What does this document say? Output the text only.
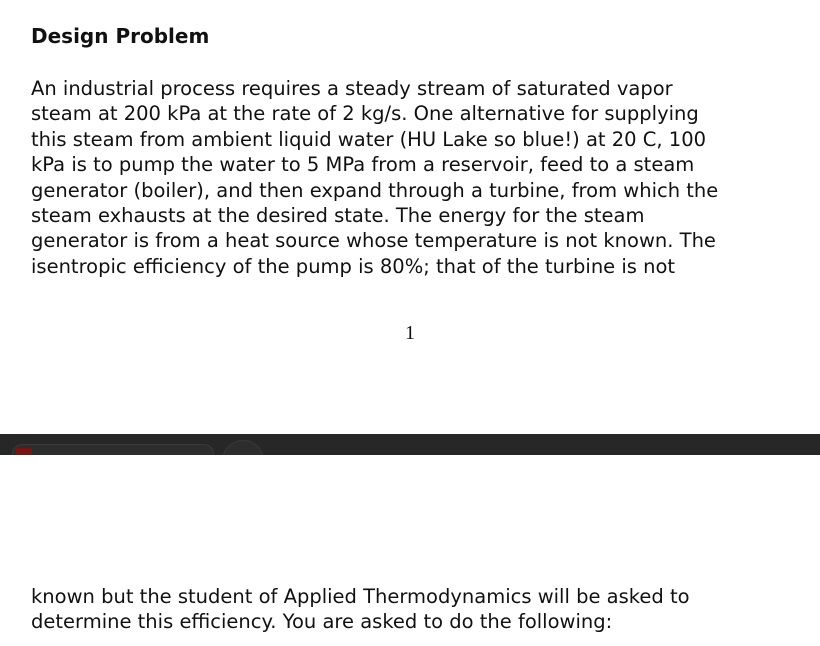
Design Problem

An industrial process requires a steady stream of saturated vapor
steam at 200 kPa at the rate of 2 kg/s. One alternative for supplying
this steam from ambient liquid water (HU Lake so blue!) at 20 C, 100
kPa is to pump the water to 5 MPa from a reservoir, feed to a steam
generator (boiler), and then expand through a turbine, from which the
steam exhausts at the desired state. The energy for the steam
generator is from a heat source whose temperature is not known. The
isentropic efficiency of the pump is 80%; that of the turbine is not

1

known but the student of Applied Thermodynamics will be asked to
determine this efficiency. You are asked to do the following:
